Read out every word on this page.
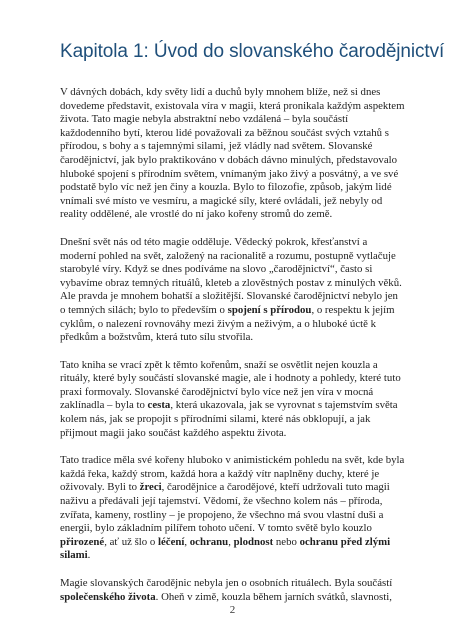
Kapitola 1: Úvod do slovanského čarodějnictví

V dávných dobách, kdy světy lidí a duchů byly mnohem blíže, než si dnes dovedeme představit, existovala víra v magii, která pronikala každým aspektem života. Tato magie nebyla abstraktní nebo vzdálená – byla součástí každodenního bytí, kterou lidé považovali za běžnou součást svých vztahů s přírodou, s bohy a s tajemnými silami, jež vládly nad světem. Slovanské čarodějnictví, jak bylo praktikováno v dobách dávno minulých, představovalo hluboké spojení s přírodním světem, vnímaným jako živý a posvátný, a ve své podstatě bylo víc než jen činy a kouzla. Bylo to filozofie, způsob, jakým lidé vnímali své místo ve vesmíru, a magické síly, které ovládali, jež nebyly od reality oddělené, ale vrostlé do ní jako kořeny stromů do země.

Dnešní svět nás od této magie odděluje. Vědecký pokrok, křesťanství a moderní pohled na svět, založený na racionalitě a rozumu, postupně vytlačuje starobylé víry. Když se dnes podíváme na slovo „čarodějnictví“, často si vybavíme obraz temných rituálů, kleteb a zlověstných postav z minulých věků. Ale pravda je mnohem bohatší a složitější. Slovanské čarodějnictví nebylo jen o temných silách; bylo to především o spojení s přírodou, o respektu k jejím cyklům, o nalezení rovnováhy mezi živým a neživým, a o hluboké úctě k předkům a božstvům, která tuto sílu stvořila.

Tato kniha se vrací zpět k těmto kořenům, snaží se osvětlit nejen kouzla a rituály, které byly součástí slovanské magie, ale i hodnoty a pohledy, které tuto praxi formovaly. Slovanské čarodějnictví bylo více než jen víra v mocná zaklínadla – byla to cesta, která ukazovala, jak se vyrovnat s tajemstvím světa kolem nás, jak se propojit s přírodními silami, které nás obklopují, a jak přijmout magii jako součást každého aspektu života.

Tato tradice měla své kořeny hluboko v animistickém pohledu na svět, kde byla každá řeka, každý strom, každá hora a každý vítr naplněny duchy, které je oživovaly. Byli to žreci, čarodějnice a čarodějové, kteří udržovali tuto magii naživu a předávali její tajemství. Vědomí, že všechno kolem nás – příroda, zvířata, kameny, rostliny – je propojeno, že všechno má svou vlastní duši a energii, bylo základním pilířem tohoto učení. V tomto světě bylo kouzlo přirozené, ať už šlo o léčení, ochranu, plodnost nebo ochranu před zlými silami.

Magie slovanských čarodějnic nebyla jen o osobních rituálech. Byla součástí společenského života. Oheň v zimě, kouzla během jarních svátků, slavnosti,

2
